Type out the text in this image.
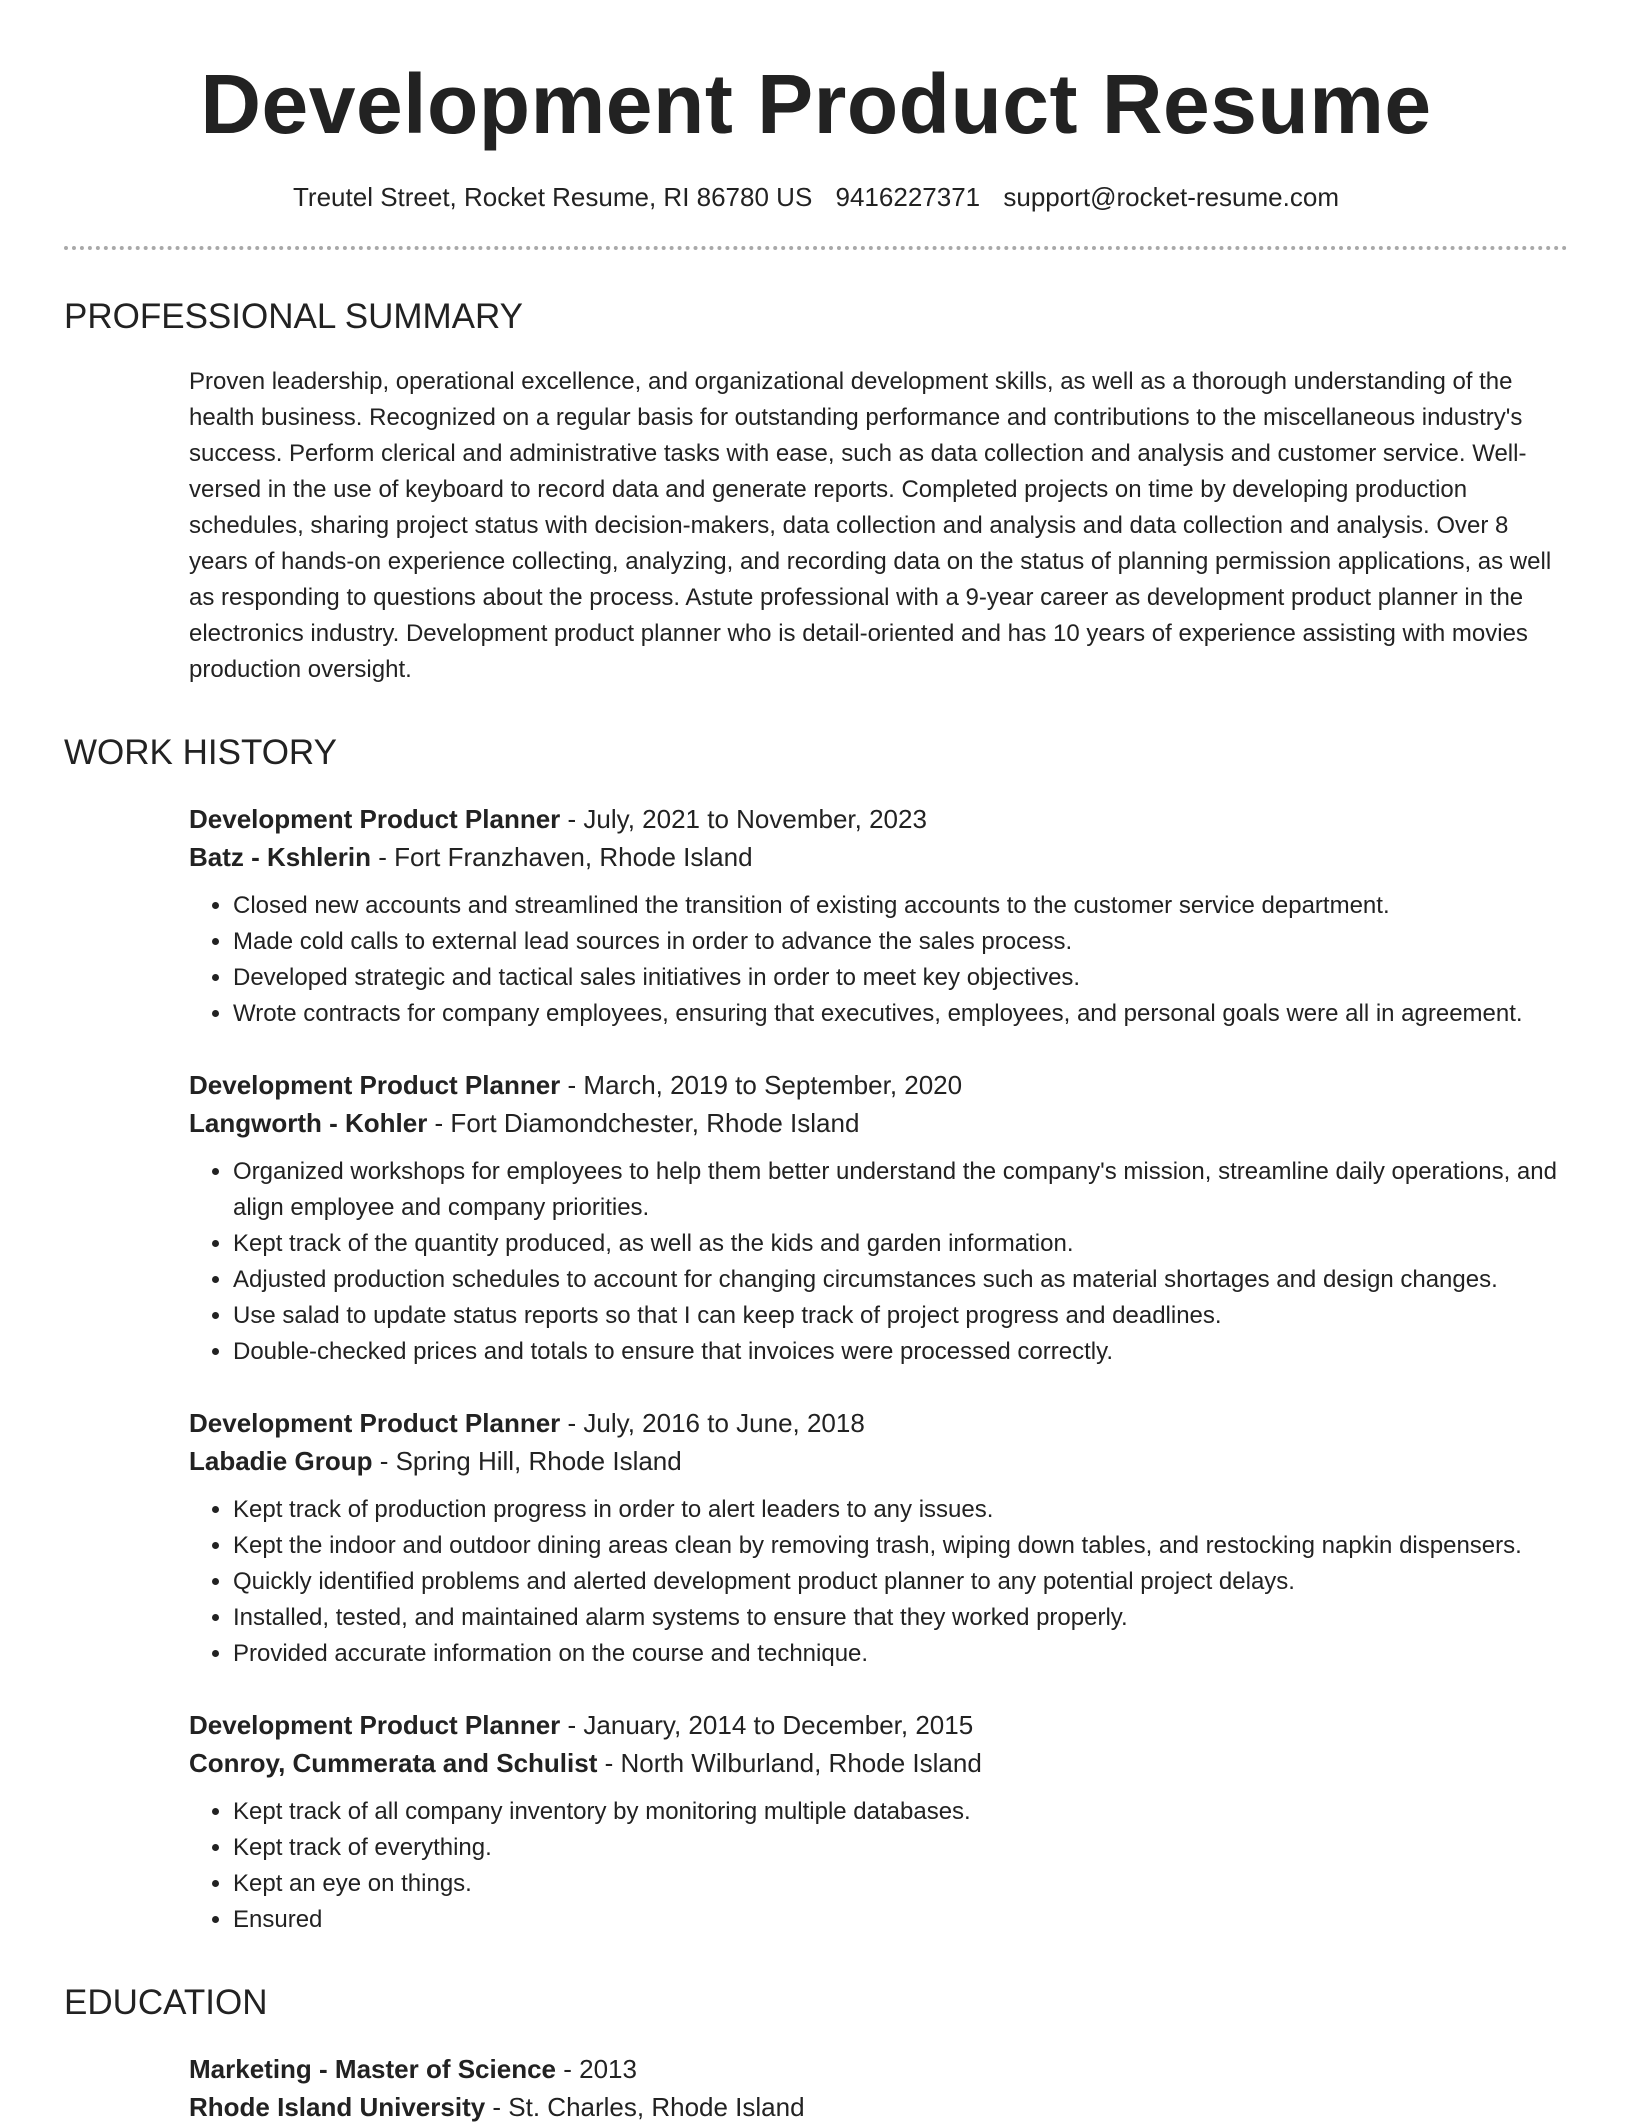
Development Product Resume
Treutel Street, Rocket Resume, RI 86780 US 9416227371 support@rocket-resume.com
PROFESSIONAL SUMMARY
Proven leadership, operational excellence, and organizational development skills, as well as a thorough understanding of the health business. Recognized on a regular basis for outstanding performance and contributions to the miscellaneous industry's success. Perform clerical and administrative tasks with ease, such as data collection and analysis and customer service. Well-versed in the use of keyboard to record data and generate reports. Completed projects on time by developing production schedules, sharing project status with decision-makers, data collection and analysis and data collection and analysis. Over 8 years of hands-on experience collecting, analyzing, and recording data on the status of planning permission applications, as well as responding to questions about the process. Astute professional with a 9-year career as development product planner in the electronics industry. Development product planner who is detail-oriented and has 10 years of experience assisting with movies production oversight.
WORK HISTORY
Development Product Planner - July, 2021 to November, 2023
Batz - Kshlerin - Fort Franzhaven, Rhode Island
• Closed new accounts and streamlined the transition of existing accounts to the customer service department.
• Made cold calls to external lead sources in order to advance the sales process.
• Developed strategic and tactical sales initiatives in order to meet key objectives.
• Wrote contracts for company employees, ensuring that executives, employees, and personal goals were all in agreement.
Development Product Planner - March, 2019 to September, 2020
Langworth - Kohler - Fort Diamondchester, Rhode Island
• Organized workshops for employees to help them better understand the company's mission, streamline daily operations, and align employee and company priorities.
• Kept track of the quantity produced, as well as the kids and garden information.
• Adjusted production schedules to account for changing circumstances such as material shortages and design changes.
• Use salad to update status reports so that I can keep track of project progress and deadlines.
• Double-checked prices and totals to ensure that invoices were processed correctly.
Development Product Planner - July, 2016 to June, 2018
Labadie Group - Spring Hill, Rhode Island
• Kept track of production progress in order to alert leaders to any issues.
• Kept the indoor and outdoor dining areas clean by removing trash, wiping down tables, and restocking napkin dispensers.
• Quickly identified problems and alerted development product planner to any potential project delays.
• Installed, tested, and maintained alarm systems to ensure that they worked properly.
• Provided accurate information on the course and technique.
Development Product Planner - January, 2014 to December, 2015
Conroy, Cummerata and Schulist - North Wilburland, Rhode Island
• Kept track of all company inventory by monitoring multiple databases.
• Kept track of everything.
• Kept an eye on things.
• Ensured
EDUCATION
Marketing - Master of Science - 2013
Rhode Island University - St. Charles, Rhode Island
